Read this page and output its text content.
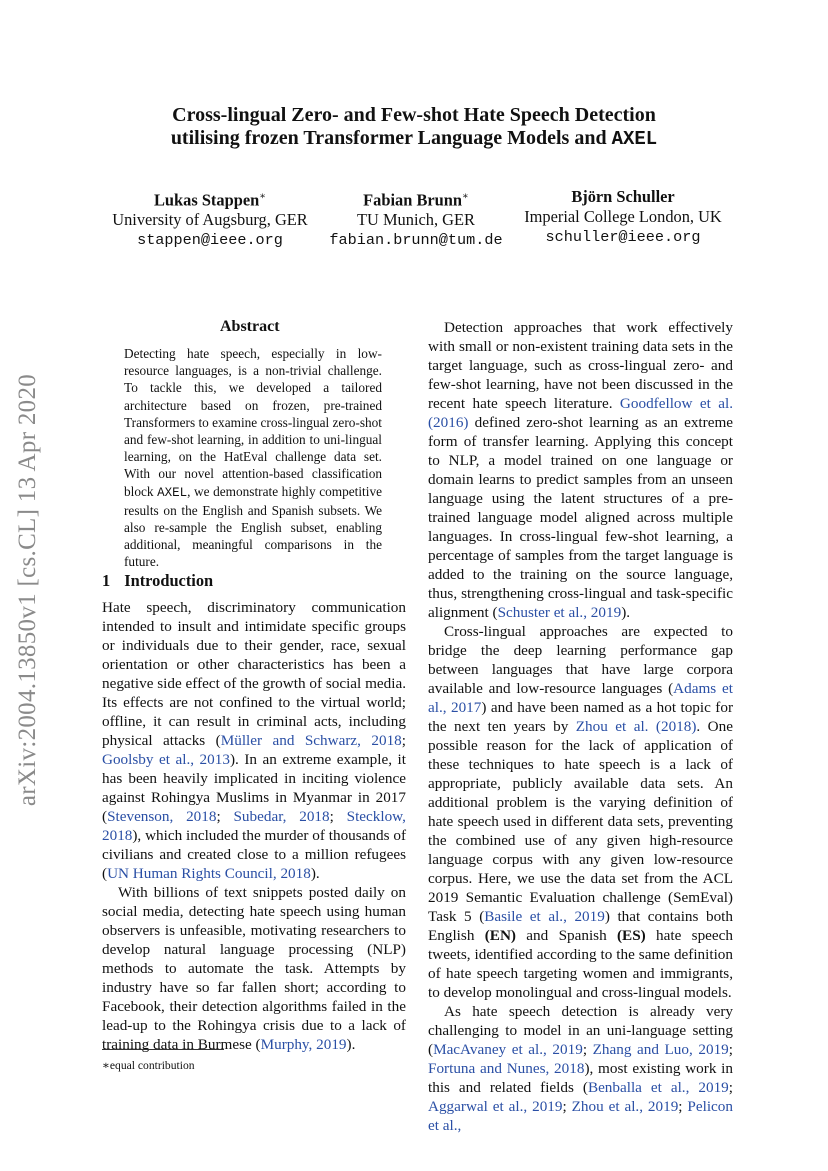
arXiv:2004.13850v1 [cs.CL] 13 Apr 2020
Cross-lingual Zero- and Few-shot Hate Speech Detection
utilising frozen Transformer Language Models and AXEL
Lukas Stappen∗
University of Augsburg, GER
stappen@ieee.org
Fabian Brunn∗
TU Munich, GER
fabian.brunn@tum.de
Björn Schuller
Imperial College London, UK
schuller@ieee.org
Abstract

Detecting hate speech, especially in low-resource languages, is a non-trivial challenge. To tackle this, we developed a tailored architecture based on frozen, pre-trained Transformers to examine cross-lingual zero-shot and few-shot learning, in addition to uni-lingual learning, on the HatEval challenge data set. With our novel attention-based classification block AXEL, we demonstrate highly competitive results on the English and Spanish subsets. We also re-sample the English subset, enabling additional, meaningful comparisons in the future.

1 Introduction

Hate speech, discriminatory communication intended to insult and intimidate specific groups or individuals due to their gender, race, sexual orientation or other characteristics has been a negative side effect of the growth of social media. Its effects are not confined to the virtual world; offline, it can result in criminal acts, including physical attacks (Müller and Schwarz, 2018; Goolsby et al., 2013). In an extreme example, it has been heavily implicated in inciting violence against Rohingya Muslims in Myanmar in 2017 (Stevenson, 2018; Subedar, 2018; Stecklow, 2018), which included the murder of thousands of civilians and created close to a million refugees (UN Human Rights Council, 2018).

With billions of text snippets posted daily on social media, detecting hate speech using human observers is unfeasible, motivating researchers to develop natural language processing (NLP) methods to automate the task. Attempts by industry have so far fallen short; according to Facebook, their detection algorithms failed in the lead-up to the Rohingya crisis due to a lack of training data in Burmese (Murphy, 2019).

∗equal contribution

Detection approaches that work effectively with small or non-existent training data sets in the target language, such as cross-lingual zero- and few-shot learning, have not been discussed in the recent hate speech literature. Goodfellow et al. (2016) defined zero-shot learning as an extreme form of transfer learning. Applying this concept to NLP, a model trained on one language or domain learns to predict samples from an unseen language using the latent structures of a pre-trained language model aligned across multiple languages. In cross-lingual few-shot learning, a percentage of samples from the target language is added to the training on the source language, thus, strengthening cross-lingual and task-specific alignment (Schuster et al., 2019).

Cross-lingual approaches are expected to bridge the deep learning performance gap between languages that have large corpora available and low-resource languages (Adams et al., 2017) and have been named as a hot topic for the next ten years by Zhou et al. (2018). One possible reason for the lack of application of these techniques to hate speech is a lack of appropriate, publicly available data sets. An additional problem is the varying definition of hate speech used in different data sets, preventing the combined use of any given high-resource language corpus with any given low-resource corpus. Here, we use the data set from the ACL 2019 Semantic Evaluation challenge (SemEval) Task 5 (Basile et al., 2019) that contains both English (EN) and Spanish (ES) hate speech tweets, identified according to the same definition of hate speech targeting women and immigrants, to develop monolingual and cross-lingual models.

As hate speech detection is already very challenging to model in an uni-language setting (MacAvaney et al., 2019; Zhang and Luo, 2019; Fortuna and Nunes, 2018), most existing work in this and related fields (Benballa et al., 2019; Aggarwal et al., 2019; Zhou et al., 2019; Pelicon et al.,
